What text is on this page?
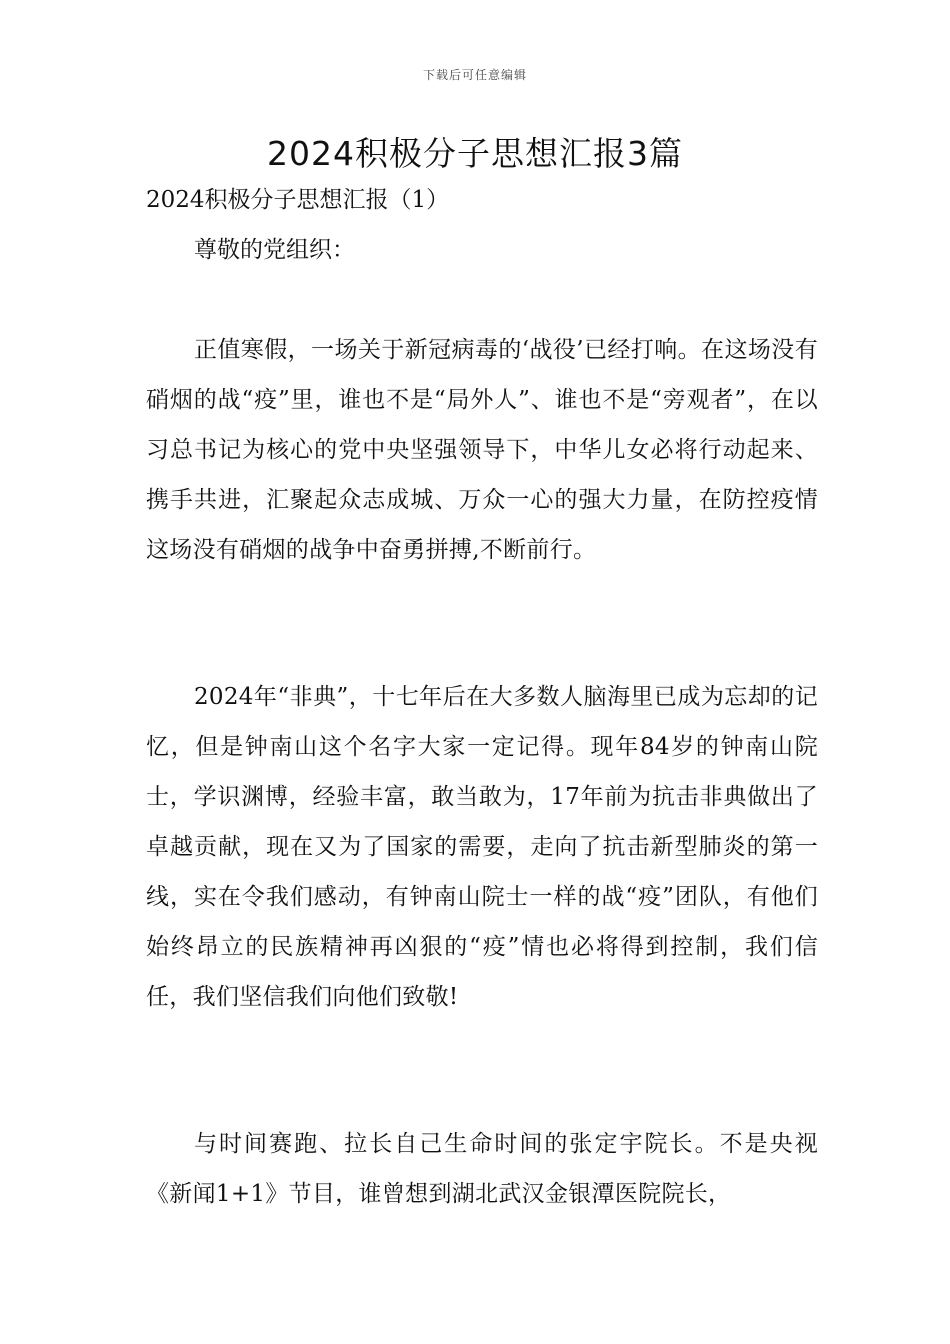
下载后可任意编辑
2024积极分子思想汇报3篇
2024积极分子思想汇报（1）
尊敬的党组织：

正值寒假，一场关于新冠病毒的‘战役’已经打响。在这场没有硝烟的战“疫”里，谁也不是“局外人”、谁也不是“旁观者”，在以习总书记为核心的党中央坚强领导下，中华儿女必将行动起来、携手共进，汇聚起众志成城、万众一心的强大力量，在防控疫情这场没有硝烟的战争中奋勇拼搏,不断前行。

2024年“非典”，十七年后在大多数人脑海里已成为忘却的记忆，但是钟南山这个名字大家一定记得。现年84岁的钟南山院士，学识渊博，经验丰富，敢当敢为，17年前为抗击非典做出了卓越贡献，现在又为了国家的需要，走向了抗击新型肺炎的第一线，实在令我们感动，有钟南山院士一样的战“疫”团队，有他们始终昂立的民族精神再凶狠的“疫”情也必将得到控制，我们信任，我们坚信我们向他们致敬!

与时间赛跑、拉长自己生命时间的张定宇院长。不是央视《新闻1+1》节目，谁曾想到湖北武汉金银潭医院院长，
